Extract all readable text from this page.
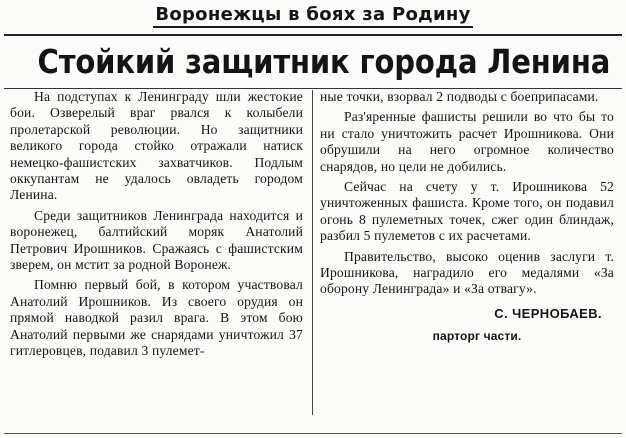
Воронежцы в боях за Родину
Стойкий защитник города Ленина

На подступах к Ленинграду шли жестокие бои. Озверелый враг рвался к колыбели пролетарской революции. Но защитники великого города стойко отражали натиск немецко-фашистских захватчиков. Подлым оккупантам не удалось овладеть городом Ленина.

Среди защитников Ленинграда находится и воронежец, балтийский моряк Анатолий Петрович Ирошников. Сражаясь с фашистским зверем, он мстит за родной Воронеж.

Помню первый бой, в котором участвовал Анатолий Ирошников. Из своего орудия он прямой наводкой разил врага. В этом бою Анатолий первыми же снарядами уничтожил 37 гитлеровцев, подавил 3 пулемет-

ные точки, взорвал 2 подводы с боеприпасами.

Раз'яренные фашисты решили во что бы то ни стало уничтожить расчет Ирошникова. Они обрушили на него огромное количество снарядов, но цели не добились.

Сейчас на счету у т. Ирошникова 52 уничтоженных фашиста. Кроме того, он подавил огонь 8 пулеметных точек, сжег один блиндаж, разбил 5 пулеметов с их расчетами.

Правительство, высоко оценив заслуги т. Ирошникова, наградило его медалями «За оборону Ленинграда» и «За отвагу».

С. ЧЕРНОБАЕВ.
парторг части.
